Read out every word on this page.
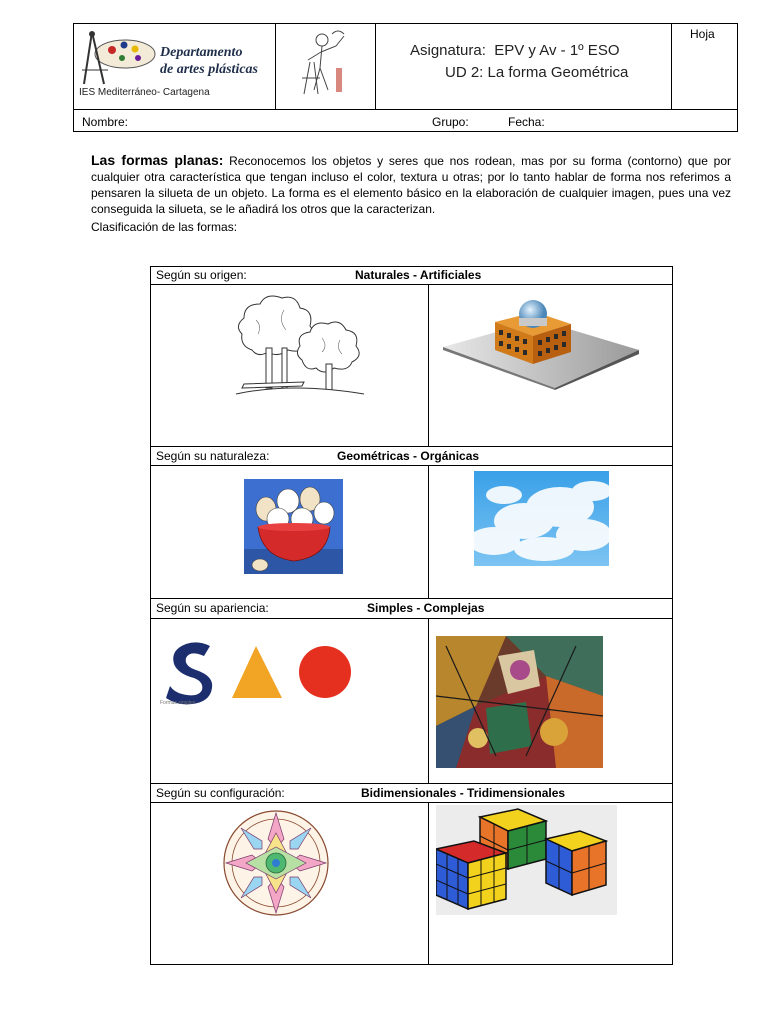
Departamento
de artes plásticas
IES Mediterráneo- Cartagena
Asignatura: EPV y Av - 1º ESO
UD 2: La forma Geométrica
Hoja
Nombre:	Grupo:	Fecha:
Las formas planas: Reconocemos los objetos y seres que nos rodean, mas por su forma (contorno) que por cualquier otra característica que tengan incluso el color, textura u otras; por lo tanto hablar de forma nos referimos a pensaren la silueta de un objeto. La forma es el elemento básico en la elaboración de cualquier imagen, pues una vez conseguida la silueta, se le añadirá los otros que la caracterizan.
Clasificación de las formas:
Según su origen:	Naturales - Artificiales
Según su naturaleza:	Geométricas - Orgánicas
Según su apariencia:	Simples - Complejas
Según su configuración:	Bidimensionales - Tridimensionales
Formas simples
